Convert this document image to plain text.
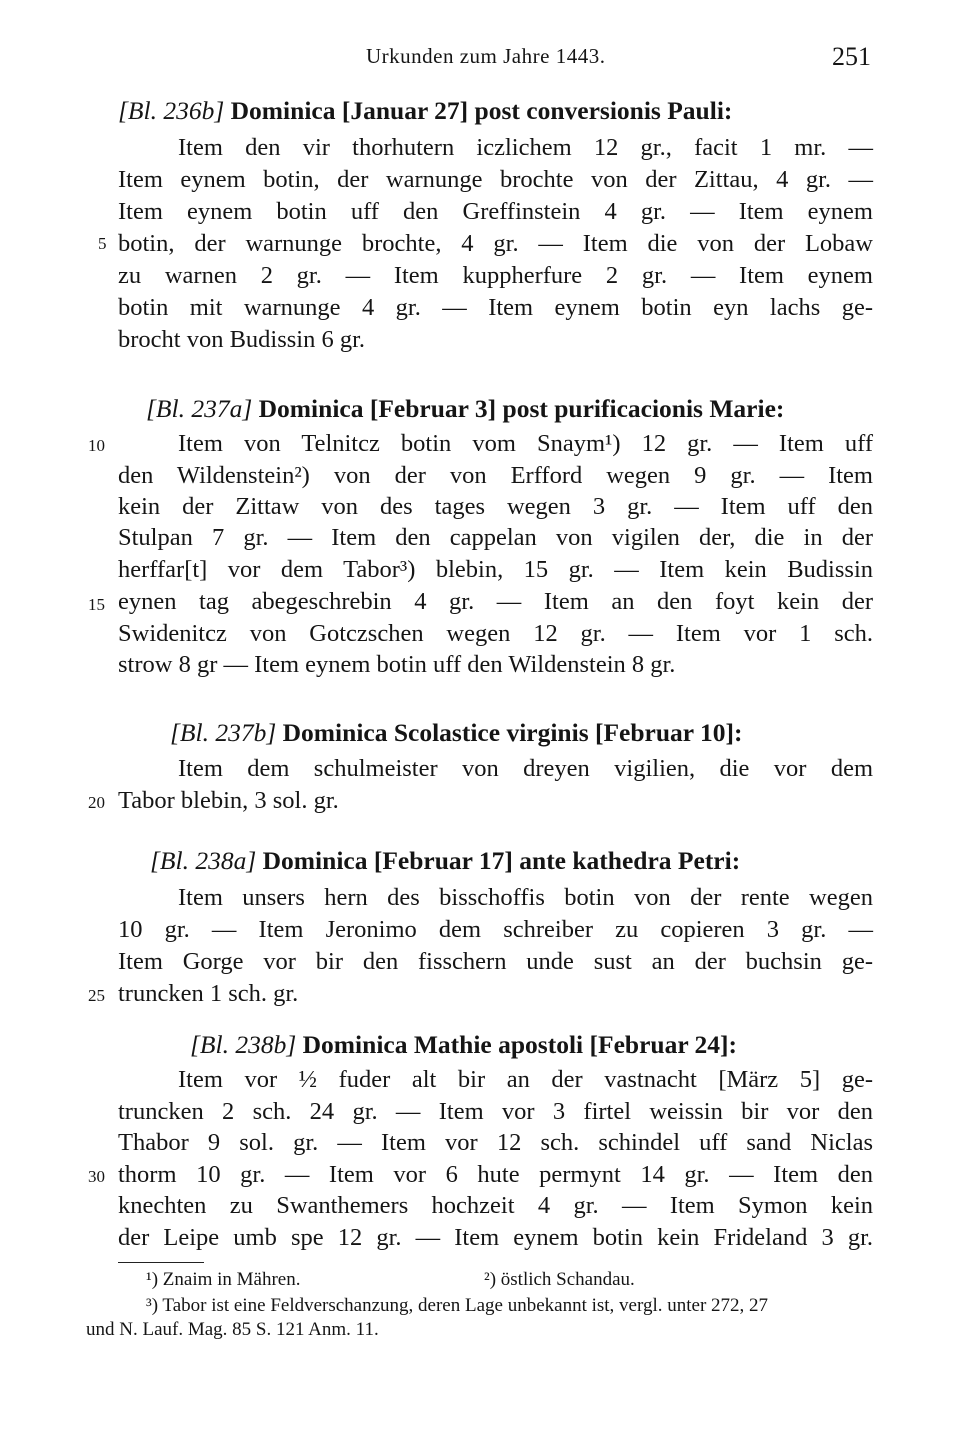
Urkunden zum Jahre 1443.	251
[Bl. 236b] Dominica [Januar 27] post conversionis Pauli:
Item den vir thorhutern iczlichem 12 gr., facit 1 mr. —
Item eynem botin, der warnunge brochte von der Zittau, 4 gr. —
Item eynem botin uff den Greffinstein 4 gr. — Item eynem
botin, der warnunge brochte, 4 gr. — Item die von der Lobaw
zu warnen 2 gr. — Item kuppherfure 2 gr. — Item eynem
botin mit warnunge 4 gr. — Item eynem botin eyn lachs ge-
brocht von Budissin 6 gr.
[Bl. 237a] Dominica [Februar 3] post purificacionis Marie:
Item von Telnitcz botin vom Snaym¹) 12 gr. — Item uff
den Wildenstein²) von der von Erfford wegen 9 gr. — Item
kein der Zittaw von des tages wegen 3 gr. — Item uff den
Stulpan 7 gr. — Item den cappelan von vigilen der, die in der
herffar[t] vor dem Tabor³) blebin, 15 gr. — Item kein Budissin
eynen tag abegeschrebin 4 gr. — Item an den foyt kein der
Swidenitcz von Gotczschen wegen 12 gr. — Item vor 1 sch.
strow 8 gr — Item eynem botin uff den Wildenstein 8 gr.
[Bl. 237b] Dominica Scolastice virginis [Februar 10]:
Item dem schulmeister von dreyen vigilien, die vor dem
Tabor blebin, 3 sol. gr.
[Bl. 238a] Dominica [Februar 17] ante kathedra Petri:
Item unsers hern des bisschoffis botin von der rente wegen
10 gr. — Item Jeronimo dem schreiber zu copieren 3 gr. —
Item Gorge vor bir den fisschern unde sust an der buchsin ge-
truncken 1 sch. gr.
[Bl. 238b] Dominica Mathie apostoli [Februar 24]:
Item vor ½ fuder alt bir an der vastnacht [März 5] ge-
truncken 2 sch. 24 gr. — Item vor 3 firtel weissin bir vor den
Thabor 9 sol. gr. — Item vor 12 sch. schindel uff sand Niclas
thorm 10 gr. — Item vor 6 hute permynt 14 gr. — Item den
knechten zu Swanthemers hochzeit 4 gr. — Item Symon kein
der Leipe umb spe 12 gr. — Item eynem botin kein Frideland 3 gr.
5
10
15
20
25
30
¹) Znaim in Mähren.	²) östlich Schandau.
³) Tabor ist eine Feldverschanzung, deren Lage unbekannt ist, vergl. unter 272, 27
und N. Lauf. Mag. 85 S. 121 Anm. 11.
